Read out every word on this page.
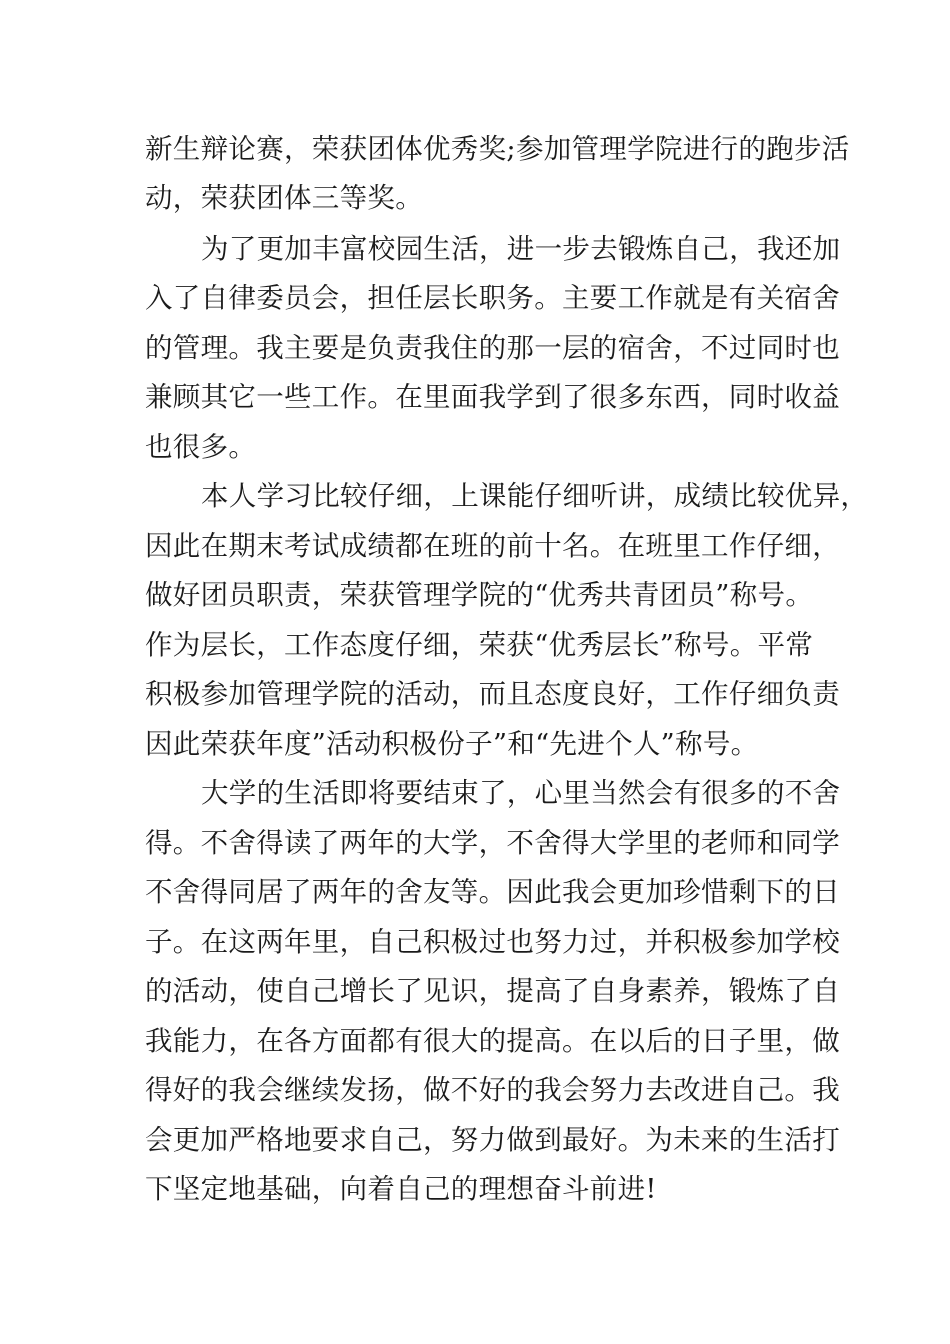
新生辩论赛，荣获团体优秀奖;参加管理学院进行的跑步活
动，荣获团体三等奖。
为了更加丰富校园生活，进一步去锻炼自己，我还加
入了自律委员会，担任层长职务。主要工作就是有关宿舍
的管理。我主要是负责我住的那一层的宿舍，不过同时也
兼顾其它一些工作。在里面我学到了很多东西，同时收益
也很多。
本人学习比较仔细，上课能仔细听讲，成绩比较优异，
因此在期末考试成绩都在班的前十名。在班里工作仔细，
做好团员职责，荣获管理学院的“优秀共青团员”称号。
作为层长，工作态度仔细，荣获“优秀层长”称号。平常
积极参加管理学院的活动，而且态度良好，工作仔细负责
因此荣获年度”活动积极份子”和“先进个人”称号。
大学的生活即将要结束了，心里当然会有很多的不舍
得。不舍得读了两年的大学，不舍得大学里的老师和同学
不舍得同居了两年的舍友等。因此我会更加珍惜剩下的日
子。在这两年里，自己积极过也努力过，并积极参加学校
的活动，使自己增长了见识，提高了自身素养，锻炼了自
我能力，在各方面都有很大的提高。在以后的日子里，做
得好的我会继续发扬，做不好的我会努力去改进自己。我
会更加严格地要求自己，努力做到最好。为未来的生活打
下坚定地基础，向着自己的理想奋斗前进!
